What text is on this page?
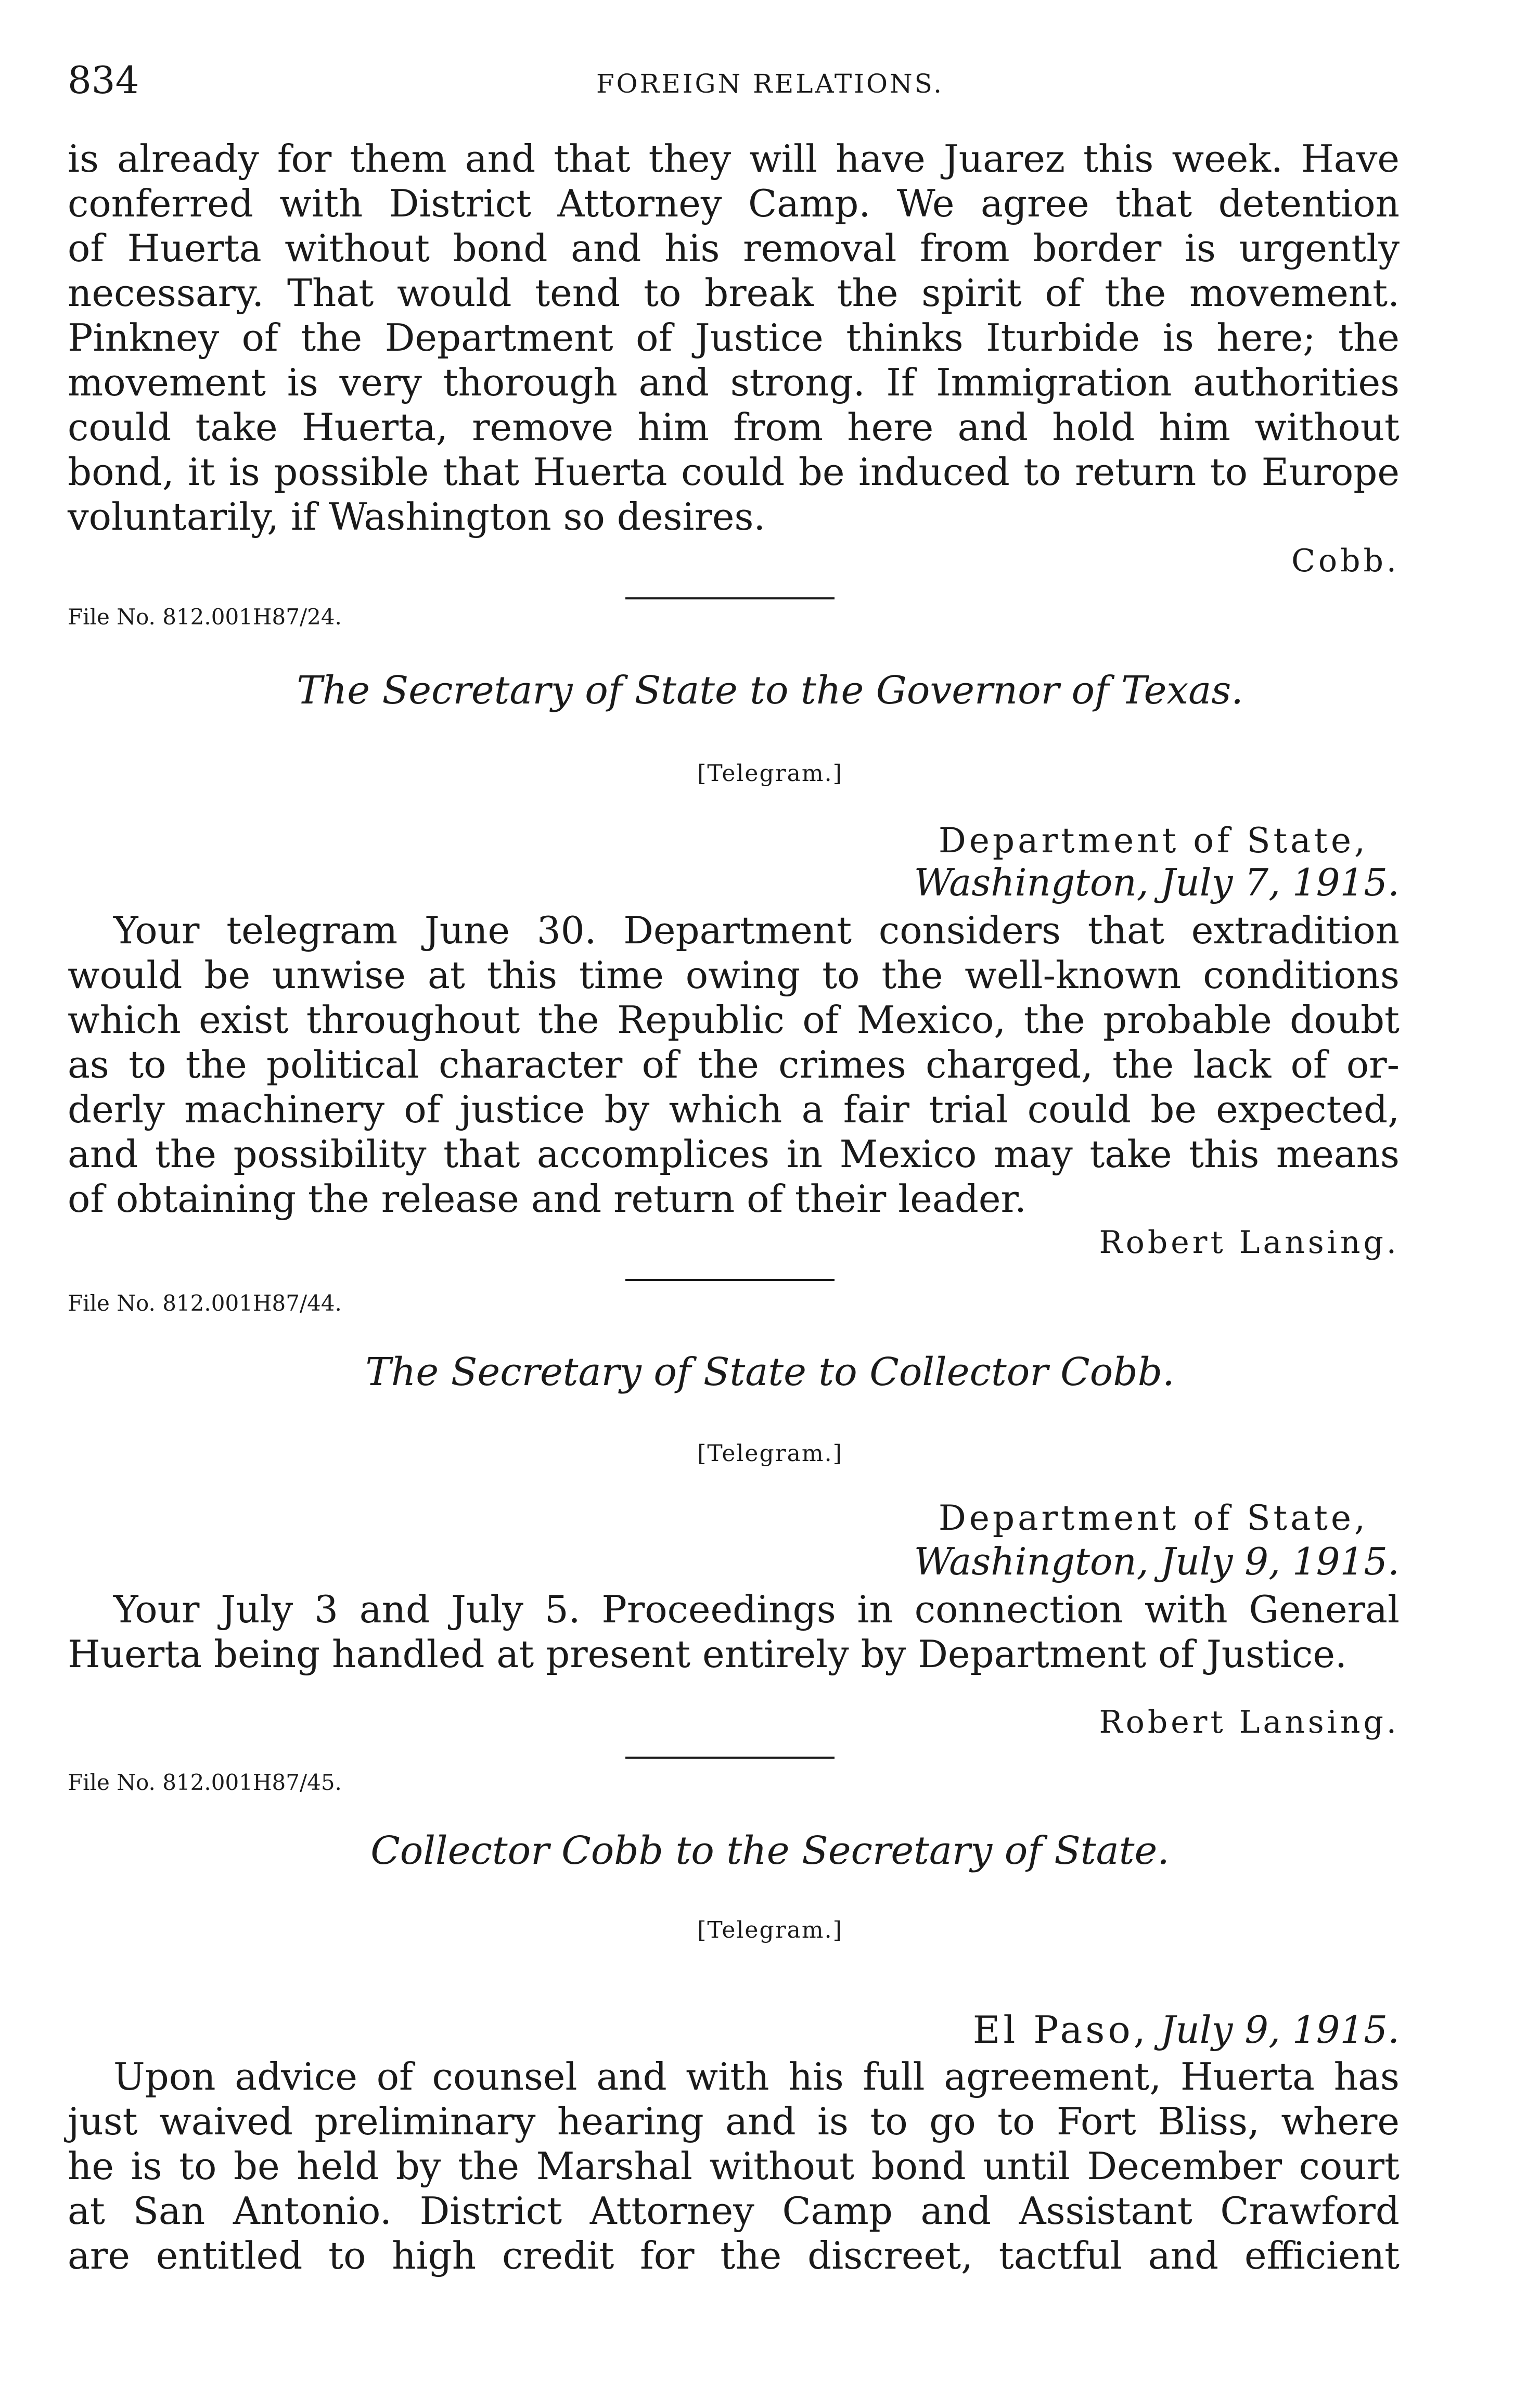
834	FOREIGN RELATIONS.
is already for them and that they will have Juarez this week. Have
conferred with District Attorney Camp. We agree that detention
of Huerta without bond and his removal from border is urgently
necessary. That would tend to break the spirit of the movement.
Pinkney of the Department of Justice thinks Iturbide is here; the
movement is very thorough and strong. If Immigration authorities
could take Huerta, remove him from here and hold him without
bond, it is possible that Huerta could be induced to return to Europe
voluntarily, if Washington so desires.
Cobb.
File No. 812.001H87/24.
The Secretary of State to the Governor of Texas.
[Telegram.]
Department of State,
Washington, July 7, 1915.
Your telegram June 30. Department considers that extradition
would be unwise at this time owing to the well-known conditions
which exist throughout the Republic of Mexico, the probable doubt
as to the political character of the crimes charged, the lack of or-
derly machinery of justice by which a fair trial could be expected,
and the possibility that accomplices in Mexico may take this means
of obtaining the release and return of their leader.
Robert Lansing.
File No. 812.001H87/44.
The Secretary of State to Collector Cobb.
[Telegram.]
Department of State,
Washington, July 9, 1915.
Your July 3 and July 5. Proceedings in connection with General
Huerta being handled at present entirely by Department of Justice.
Robert Lansing.
File No. 812.001H87/45.
Collector Cobb to the Secretary of State.
[Telegram.]
El Paso, July 9, 1915.
Upon advice of counsel and with his full agreement, Huerta has
just waived preliminary hearing and is to go to Fort Bliss, where
he is to be held by the Marshal without bond until December court
at San Antonio. District Attorney Camp and Assistant Crawford
are entitled to high credit for the discreet, tactful and efficient
